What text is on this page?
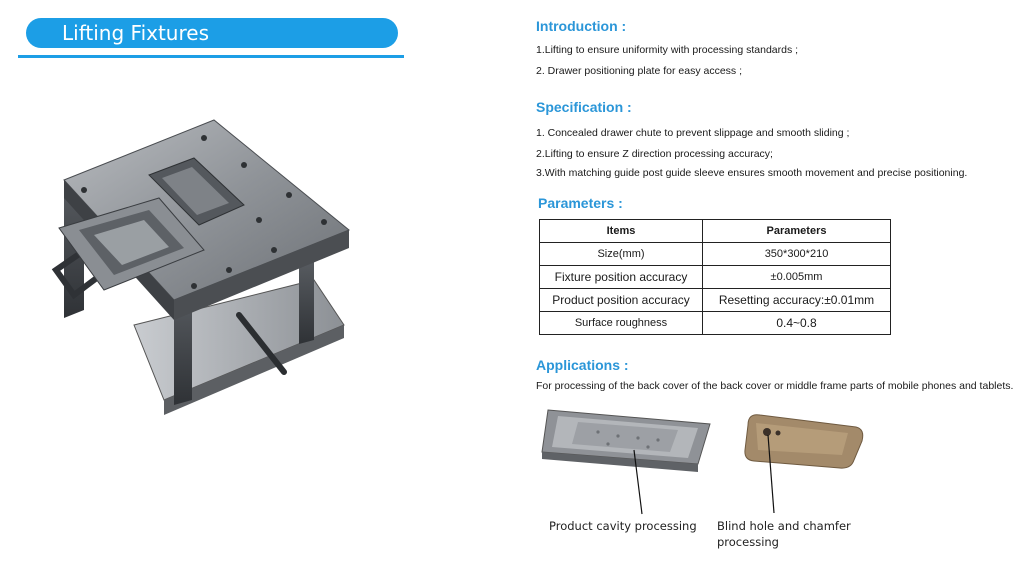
Lifting Fixtures	Introduction :
1.Lifting to ensure uniformity with processing standards ;
2. Drawer positioning plate for easy access ;
Specification :
1. Concealed drawer chute to prevent slippage and smooth sliding ;
2.Lifting to ensure Z direction processing accuracy;
3.With matching guide post guide sleeve ensures smooth movement and precise positioning.
Parameters :
Items	Parameters
Size(mm)	350*300*210
Fixture position accuracy	±0.005mm
Product position accuracy	Resetting accuracy:±0.01mm
Surface roughness	0.4~0.8
Applications :
For processing of the back cover of the back cover or middle frame parts of mobile phones and tablets.
Product cavity processing Blind hole and chamfer
processing
